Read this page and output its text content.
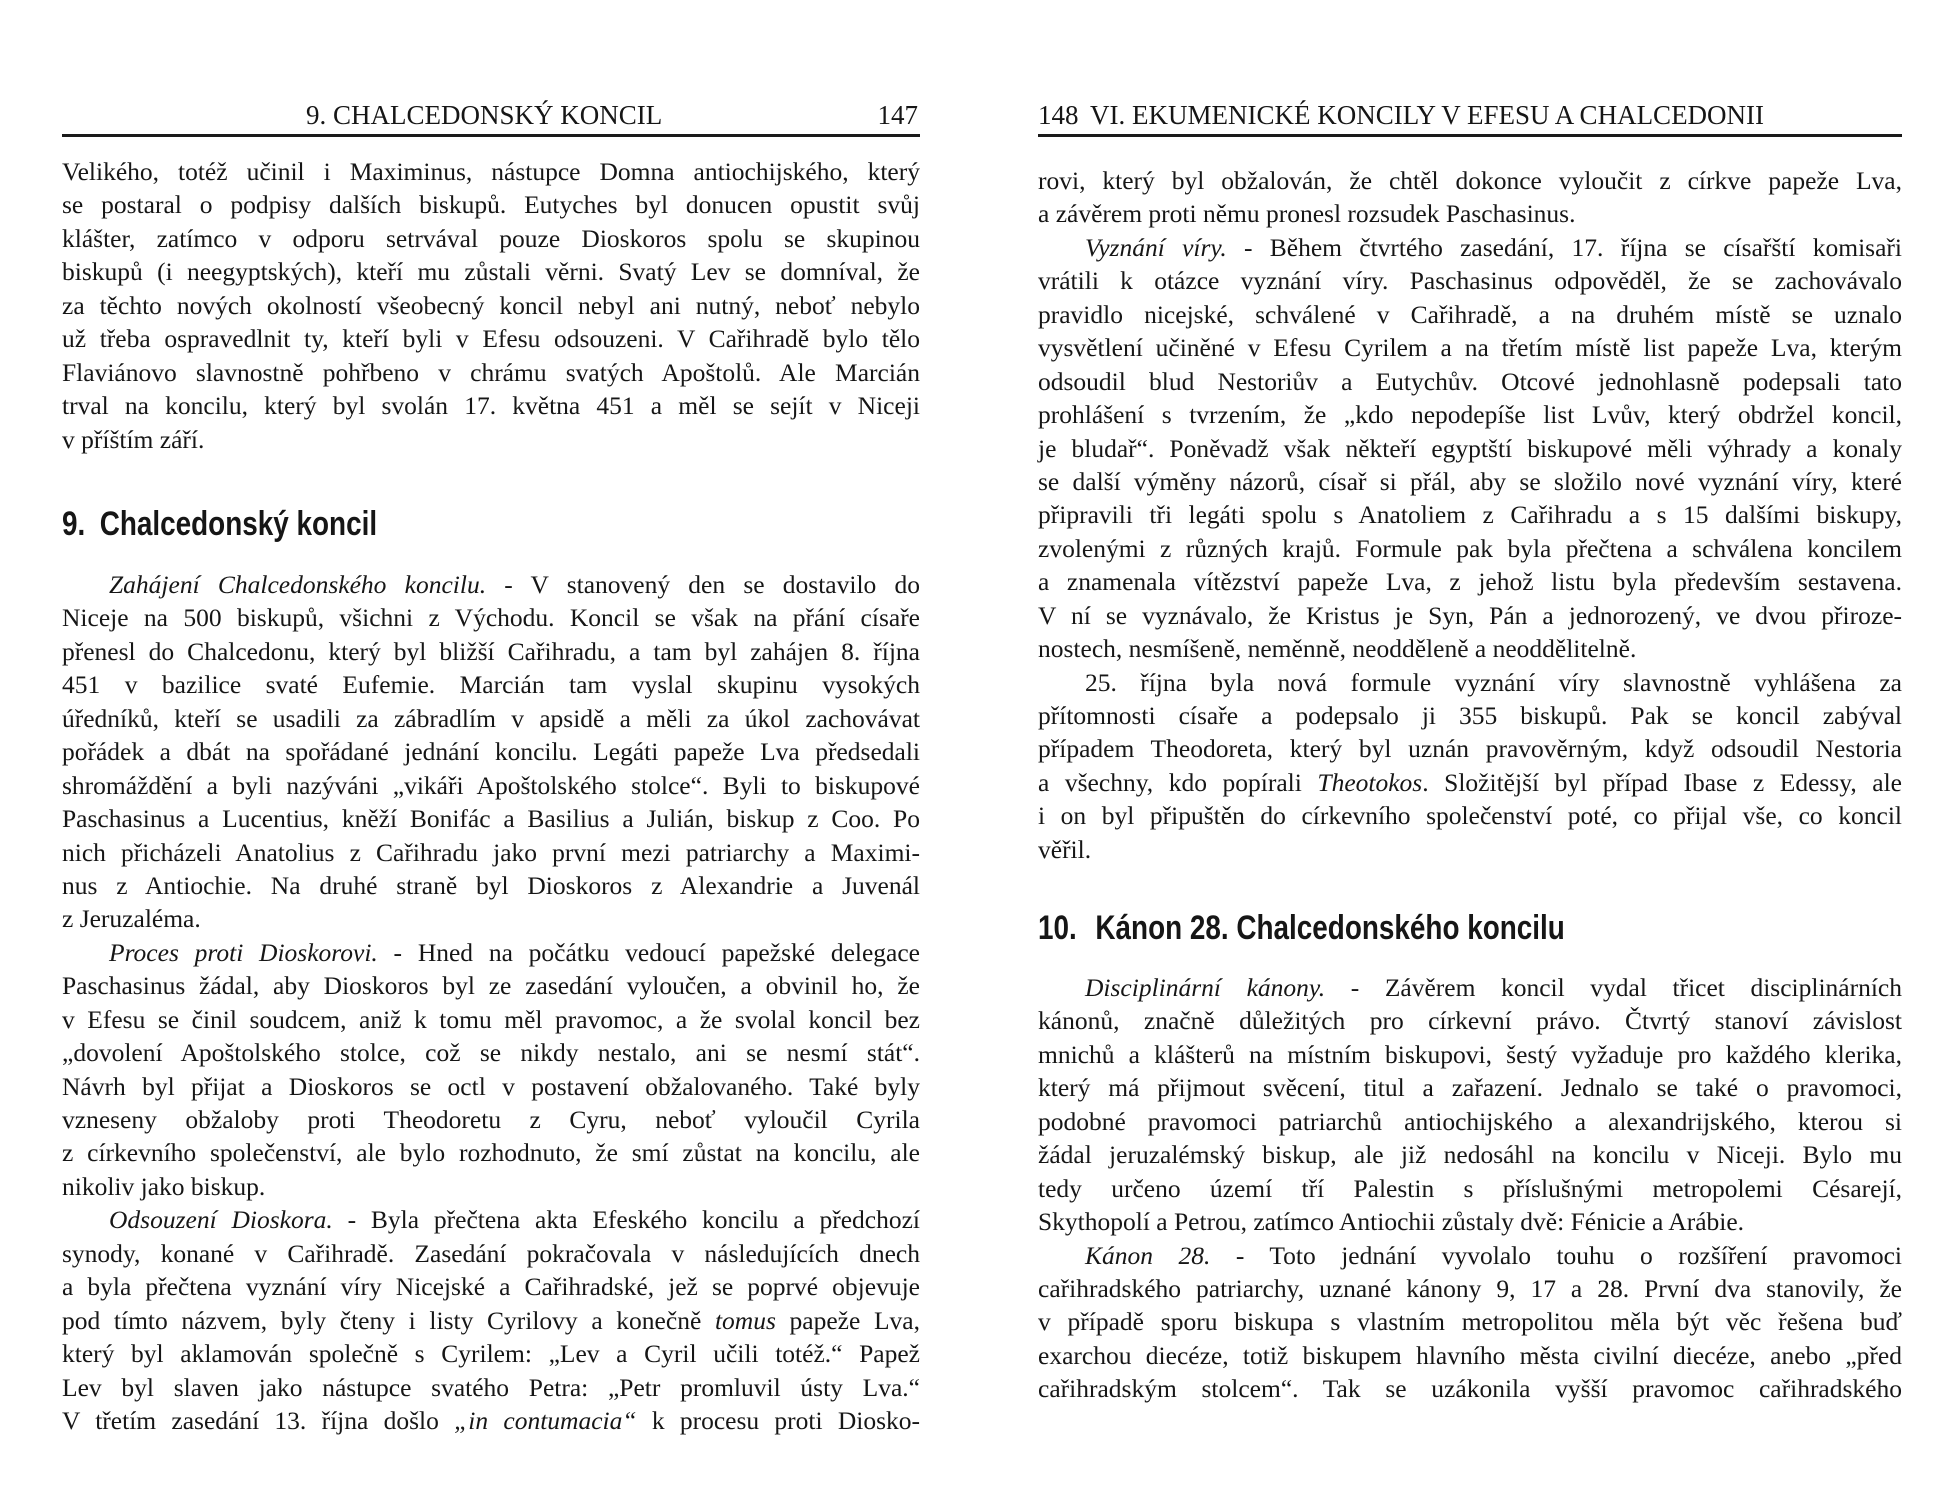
9. CHALCEDONSKÝ KONCIL	147
Velikého, totéž učinil i Maximinus, nástupce Domna antiochijského, který
se postaral o podpisy dalších biskupů. Eutyches byl donucen opustit svůj
klášter, zatímco v odporu setrvával pouze Dioskoros spolu se skupinou
biskupů (i neegyptských), kteří mu zůstali věrni. Svatý Lev se domníval, že
za těchto nových okolností všeobecný koncil nebyl ani nutný, neboť nebylo
už třeba ospravedlnit ty, kteří byli v Efesu odsouzeni. V Cařihradě bylo tělo
Flaviánovo slavnostně pohřbeno v chrámu svatých Apoštolů. Ale Marcián
trval na koncilu, který byl svolán 17. května 451 a měl se sejít v Niceji
v příštím září.
9. Chalcedonský koncil
Zahájení Chalcedonského koncilu. - V stanovený den se dostavilo do
Niceje na 500 biskupů, všichni z Východu. Koncil se však na přání císaře
přenesl do Chalcedonu, který byl bližší Cařihradu, a tam byl zahájen 8. října
451 v bazilice svaté Eufemie. Marcián tam vyslal skupinu vysokých
úředníků, kteří se usadili za zábradlím v apsidě a měli za úkol zachovávat
pořádek a dbát na spořádané jednání koncilu. Legáti papeže Lva předsedali
shromáždění a byli nazýváni „vikáři Apoštolského stolce“. Byli to biskupové
Paschasinus a Lucentius, kněží Bonifác a Basilius a Julián, biskup z Coo. Po
nich přicházeli Anatolius z Cařihradu jako první mezi patriarchy a Maximi-
nus z Antiochie. Na druhé straně byl Dioskoros z Alexandrie a Juvenál
z Jeruzaléma.
Proces proti Dioskorovi. - Hned na počátku vedoucí papežské delegace
Paschasinus žádal, aby Dioskoros byl ze zasedání vyloučen, a obvinil ho, že
v Efesu se činil soudcem, aniž k tomu měl pravomoc, a že svolal koncil bez
„dovolení Apoštolského stolce, což se nikdy nestalo, ani se nesmí stát“.
Návrh byl přijat a Dioskoros se octl v postavení obžalovaného. Také byly
vzneseny obžaloby proti Theodoretu z Cyru, neboť vyloučil Cyrila
z církevního společenství, ale bylo rozhodnuto, že smí zůstat na koncilu, ale
nikoliv jako biskup.
Odsouzení Dioskora. - Byla přečtena akta Efeského koncilu a předchozí
synody, konané v Cařihradě. Zasedání pokračovala v následujících dnech
a byla přečtena vyznání víry Nicejské a Cařihradské, jež se poprvé objevuje
pod tímto názvem, byly čteny i listy Cyrilovy a konečně tomus papeže Lva,
který byl aklamován společně s Cyrilem: „Lev a Cyril učili totéž.“ Papež
Lev byl slaven jako nástupce svatého Petra: „Petr promluvil ústy Lva.“
V třetím zasedání 13. října došlo „in contumacia“ k procesu proti Diosko-
148 VI. EKUMENICKÉ KONCILY V EFESU A CHALCEDONII
rovi, který byl obžalován, že chtěl dokonce vyloučit z církve papeže Lva,
a závěrem proti němu pronesl rozsudek Paschasinus.
Vyznání víry. - Během čtvrtého zasedání, 17. října se císařští komisaři
vrátili k otázce vyznání víry. Paschasinus odpověděl, že se zachovávalo
pravidlo nicejské, schválené v Cařihradě, a na druhém místě se uznalo
vysvětlení učiněné v Efesu Cyrilem a na třetím místě list papeže Lva, kterým
odsoudil blud Nestoriův a Eutychův. Otcové jednohlasně podepsali tato
prohlášení s tvrzením, že „kdo nepodepíše list Lvův, který obdržel koncil,
je bludař“. Poněvadž však někteří egyptští biskupové měli výhrady a konaly
se další výměny názorů, císař si přál, aby se složilo nové vyznání víry, které
připravili tři legáti spolu s Anatoliem z Cařihradu a s 15 dalšími biskupy,
zvolenými z různých krajů. Formule pak byla přečtena a schválena koncilem
a znamenala vítězství papeže Lva, z jehož listu byla především sestavena.
V ní se vyznávalo, že Kristus je Syn, Pán a jednorozený, ve dvou přiroze-
nostech, nesmíšeně, neměnně, neodděleně a neoddělitelně.
25. října byla nová formule vyznání víry slavnostně vyhlášena za
přítomnosti císaře a podepsalo ji 355 biskupů. Pak se koncil zabýval
případem Theodoreta, který byl uznán pravověrným, když odsoudil Nestoria
a všechny, kdo popírali Theotokos. Složitější byl případ Ibase z Edessy, ale
i on byl připuštěn do církevního společenství poté, co přijal vše, co koncil
věřil.
10. Kánon 28. Chalcedonského koncilu
Disciplinární kánony. - Závěrem koncil vydal třicet disciplinárních
kánonů, značně důležitých pro církevní právo. Čtvrtý stanoví závislost
mnichů a klášterů na místním biskupovi, šestý vyžaduje pro každého klerika,
který má přijmout svěcení, titul a zařazení. Jednalo se také o pravomoci,
podobné pravomoci patriarchů antiochijského a alexandrijského, kterou si
žádal jeruzalémský biskup, ale již nedosáhl na koncilu v Niceji. Bylo mu
tedy určeno území tří Palestin s příslušnými metropolemi Césarejí,
Skythopolí a Petrou, zatímco Antiochii zůstaly dvě: Fénicie a Arábie.
Kánon 28. - Toto jednání vyvolalo touhu o rozšíření pravomoci
cařihradského patriarchy, uznané kánony 9, 17 a 28. První dva stanovily, že
v případě sporu biskupa s vlastním metropolitou měla být věc řešena buď
exarchou diecéze, totiž biskupem hlavního města civilní diecéze, anebo „před
cařihradským stolcem“. Tak se uzákonila vyšší pravomoc cařihradského
